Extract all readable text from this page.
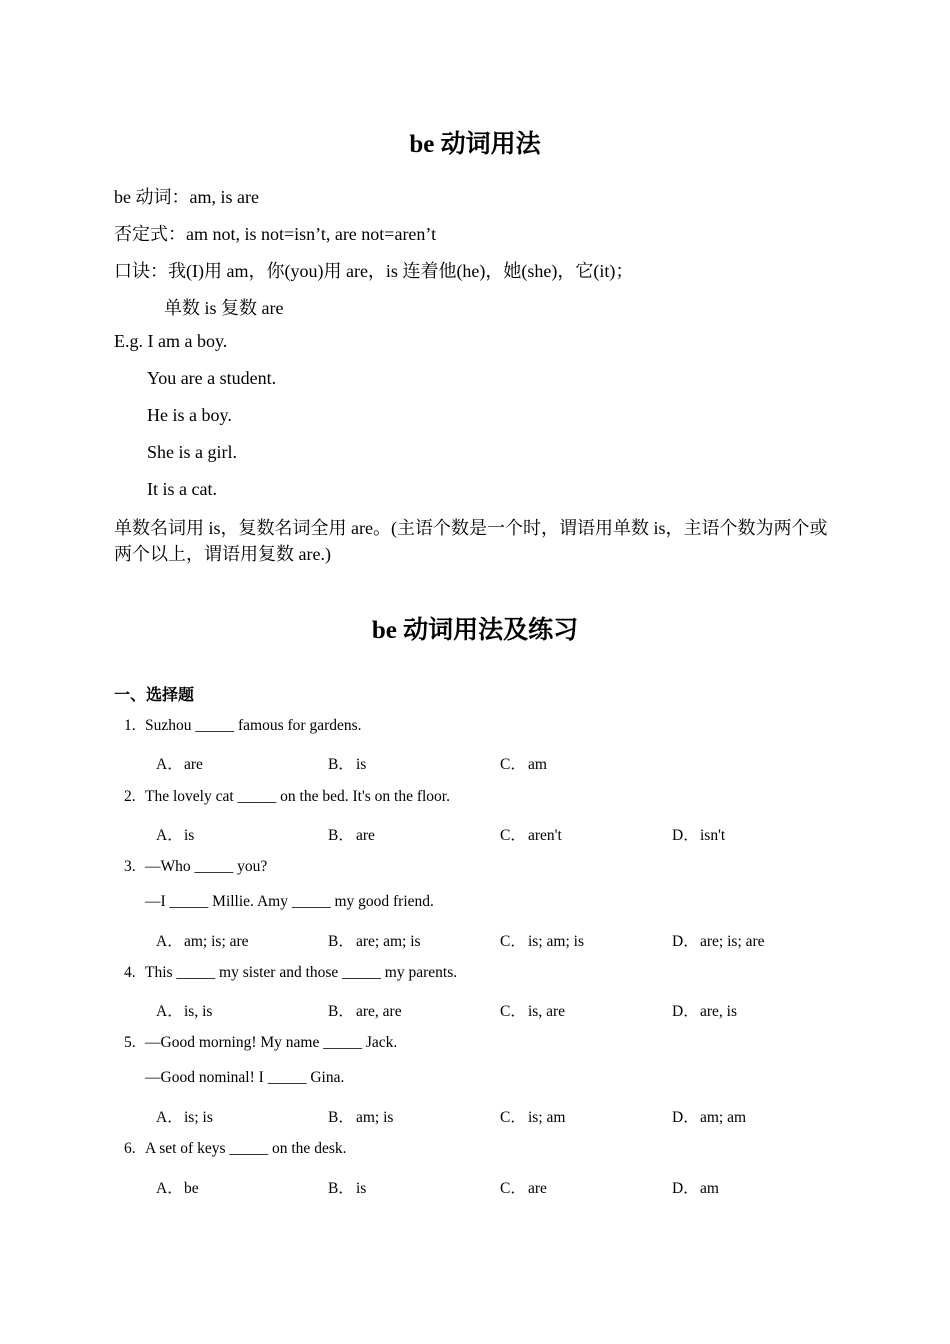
be 动词用法

be 动词：am, is are

否定式：am not, is not=isn’t, are not=aren’t

口诀：我(I)用 am，你(you)用 are，is 连着他(he)，她(she)，它(it)；

单数 is 复数 are

E.g. I am a boy.

You are a student.

He is a boy.

She is a girl.

It is a cat.

单数名词用 is，复数名词全用 are。(主语个数是一个时，谓语用单数 is，主语个数为两个或两个以上，谓语用复数 are.)

be 动词用法及练习
一、选择题
1. Suzhou _____ famous for gardens.
A．are	B． is	C． am
2. The lovely cat _____ on the bed. It's on the floor.
A．is	B． are	C． aren't	D．isn't
3. —Who _____ you?
—I _____ Millie. Amy _____ my good friend.
A．am; is; are	B． are; am; is	C． is; am; is	D．are; is; are
4. This _____ my sister and those _____ my parents.
A．is, is	B． are, are	C． is, are	D．are, is
5. —Good morning! My name _____ Jack.
—Good nominal! I _____ Gina.
A．is; is	B． am; is	C． is; am	D．am; am
6. A set of keys _____ on the desk.
A．be	B． is	C． are	D．am
